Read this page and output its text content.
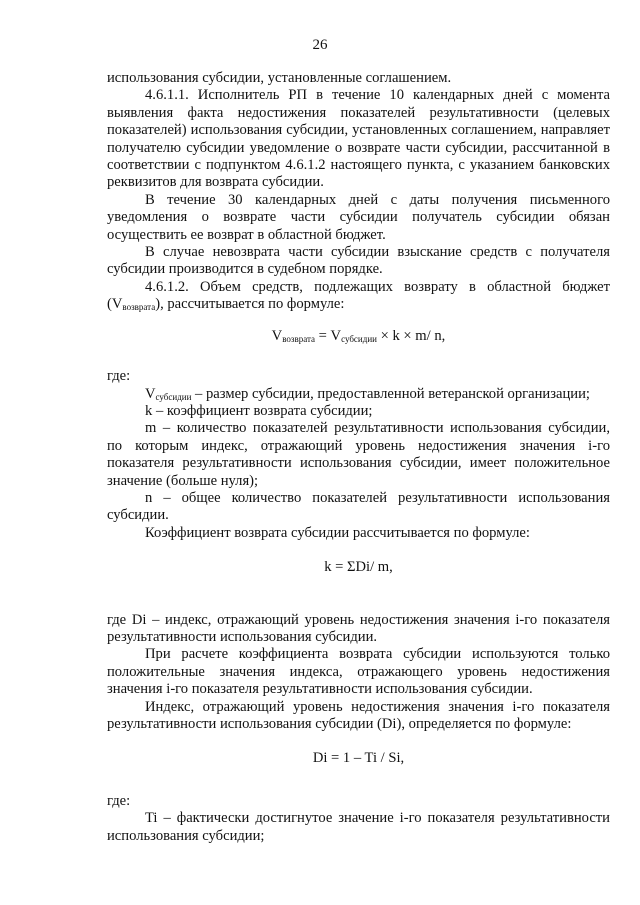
26

использования субсидии, установленные соглашением.

4.6.1.1. Исполнитель РП в течение 10 календарных дней с момента выявления факта недостижения показателей результативности (целевых показателей) использования субсидии, установленных соглашением, направляет получателю субсидии уведомление о возврате части субсидии, рассчитанной в соответствии с подпунктом 4.6.1.2 настоящего пункта, с указанием банковских реквизитов для возврата субсидии.

В течение 30 календарных дней с даты получения письменного уведомления о возврате части субсидии получатель субсидии обязан осуществить ее возврат в областной бюджет.

В случае невозврата части субсидии взыскание средств с получателя субсидии производится в судебном порядке.

4.6.1.2. Объем средств, подлежащих возврату в областной бюджет $(V_{возврата})$, рассчитывается по формуле:

$V_{возврата} = V_{субсидии} \times k \times m/$ n,

где:

$V_{субсидии}$ – размер субсидии, предоставленной ветеранской организации;

k – коэффициент возврата субсидии;

m – количество показателей результативности использования субсидии, по которым индекс, отражающий уровень недостижения значения i-го показателя результативности использования субсидии, имеет положительное значение (больше нуля);

n – общее количество показателей результативности использования субсидии.

Коэффициент возврата субсидии рассчитывается по формуле:

k = ΣDi/ m,

где Di – индекс, отражающий уровень недостижения значения i-го показателя результативности использования субсидии.

При расчете коэффициента возврата субсидии используются только положительные значения индекса, отражающего уровень недостижения значения i-го показателя результативности использования субсидии.

Индекс, отражающий уровень недостижения значения i-го показателя результативности использования субсидии (Di), определяется по формуле:

Di = 1 – Ti / Si,

где:

Ti – фактически достигнутое значение i-го показателя результативности использования субсидии;
